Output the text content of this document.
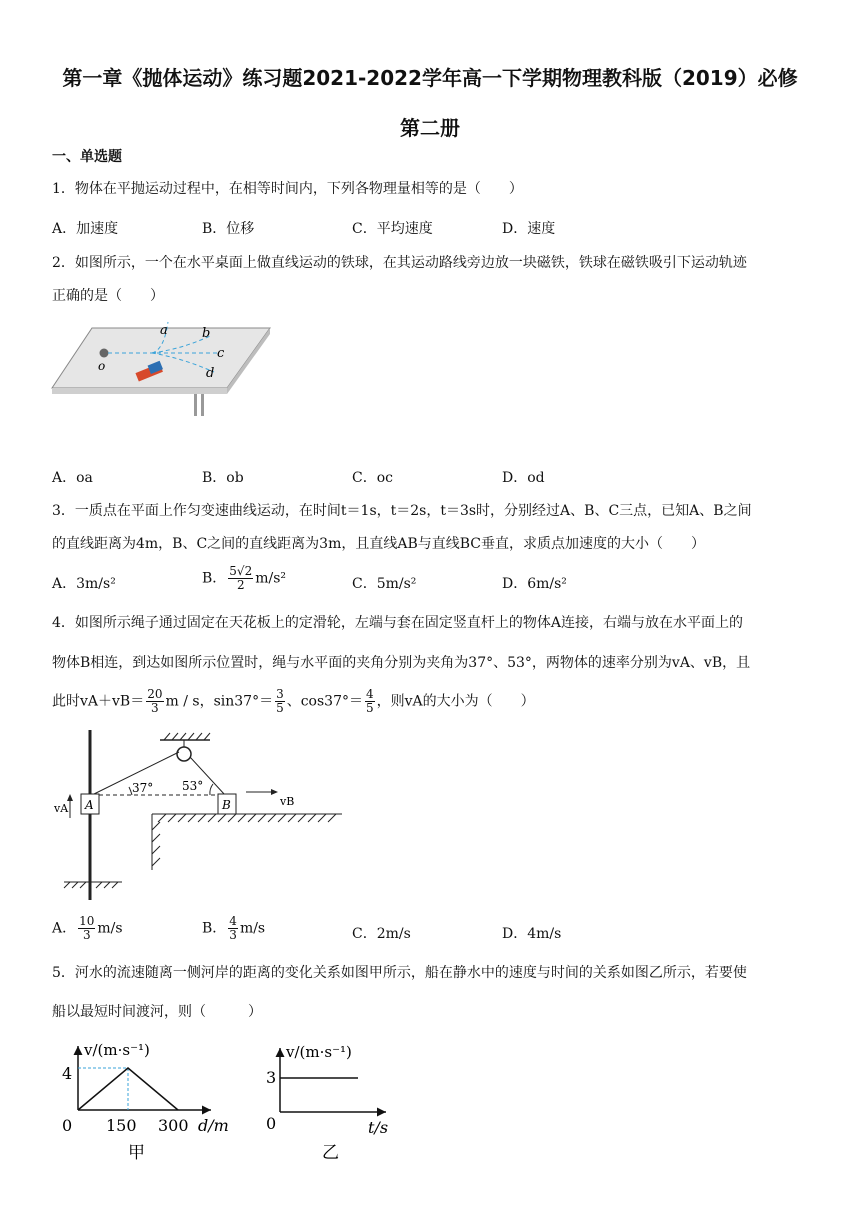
第一章《抛体运动》练习题2021-2022学年高一下学期物理教科版（2019）必修
第二册
一、单选题
1．物体在平抛运动过程中，在相等时间内，下列各物理量相等的是（　　）
A．加速度	B．位移	C．平均速度	D．速度
2．如图所示，一个在水平桌面上做直线运动的铁球，在其运动路线旁边放一块磁铁，铁球在磁铁吸引下运动轨迹
正确的是（　　）
a	b
c
d
o
A．oa	B．ob	C．oc	D．od
3．一质点在平面上作匀变速曲线运动，在时间t＝1s，t＝2s，t＝3s时，分别经过A、B、C三点，已知A、B之间
的直线距离为4m，B、C之间的直线距离为3m，且直线AB与直线BC垂直，求质点加速度的大小（　　）
A．3m/s²	B． $\frac{5√2}{2} m/s^2$	C．5m/s²	D．6m/s²
4．如图所示绳子通过固定在天花板上的定滑轮，左端与套在固定竖直杆上的物体A连接，右端与放在水平面上的
物体B相连，到达如图所示位置时，绳与水平面的夹角分别为夹角为37°、53°，两物体的速率分别为vA、vB，且
此时$vA+vB= \frac{20}{3}$ m / s，$\sin 37^\circ= \frac{3}{5}$ 、$\cos 37^\circ= \frac{4}{5}$ ，则vA的大小为（　　）
37° 53°
A	B
vA
vB
A． $\frac{10}{3} m/s$	B． $\frac{4}{3} m/s$	C．2m/s	D．4m/s
5．河水的流速随离一侧河岸的距离的变化关系如图甲所示，船在静水中的速度与时间的关系如图乙所示，若要使
船以最短时间渡河，则（　　　）
v/(m·s⁻¹)
d/m
4
0 150 300
甲
v/(m·s⁻¹)
t/s
3
0
乙
